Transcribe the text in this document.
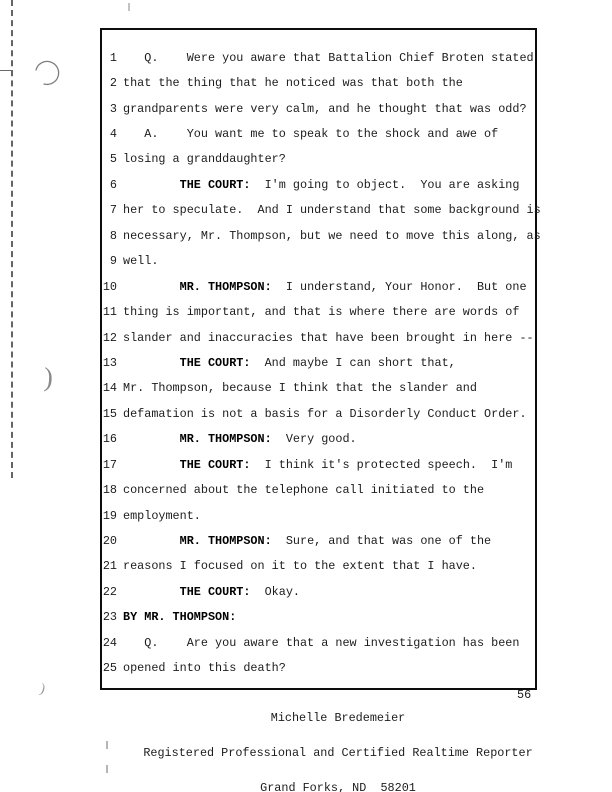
)
)
1 Q.    Were you aware that Battalion Chief Broten stated
2 that the thing that he noticed was that both the
3 grandparents were very calm, and he thought that was odd?
4 A.    You want me to speak to the shock and awe of
5 losing a granddaughter?
6	THE COURT:  I'm going to object.  You are asking
7 her to speculate.  And I understand that some background is
8 necessary, Mr. Thompson, but we need to move this along, as
9 well.
10	MR. THOMPSON:  I understand, Your Honor.  But one
11 thing is important, and that is where there are words of
12 slander and inaccuracies that have been brought in here --
13	THE COURT:  And maybe I can short that,
14 Mr. Thompson, because I think that the slander and
15 defamation is not a basis for a Disorderly Conduct Order.
16	MR. THOMPSON:  Very good.
17	THE COURT:  I think it's protected speech.  I'm
18 concerned about the telephone call initiated to the
19 employment.
20	MR. THOMPSON:  Sure, and that was one of the
21 reasons I focused on it to the extent that I have.
22	THE COURT:  Okay.
23 BY MR. THOMPSON:
24 Q.    Are you aware that a new investigation has been
25 opened into this death?

Michelle Bredemeier

Registered Professional and Certified Realtime Reporter

Grand Forks, ND  58201

56
